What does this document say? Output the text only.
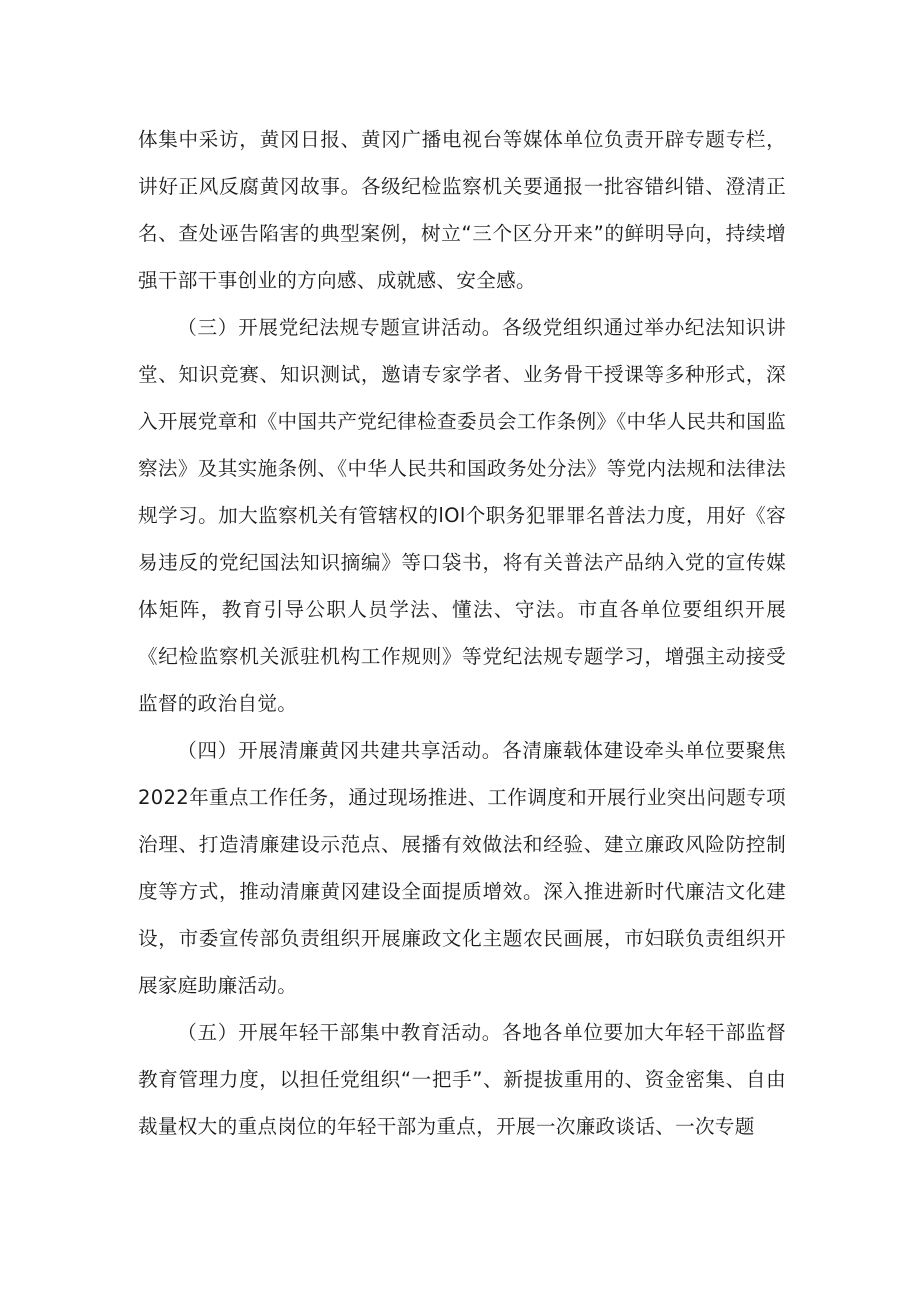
体集中采访，黄冈日报、黄冈广播电视台等媒体单位负责开辟专题专栏，讲好正风反腐黄冈故事。各级纪检监察机关要通报一批容错纠错、澄清正名、查处诬告陷害的典型案例，树立“三个区分开来”的鲜明导向，持续增强干部干事创业的方向感、成就感、安全感。

（三）开展党纪法规专题宣讲活动。各级党组织通过举办纪法知识讲堂、知识竞赛、知识测试，邀请专家学者、业务骨干授课等多种形式，深入开展党章和《中国共产党纪律检查委员会工作条例》《中华人民共和国监察法》及其实施条例、《中华人民共和国政务处分法》等党内法规和法律法规学习。加大监察机关有管辖权的lOl个职务犯罪罪名普法力度，用好《容易违反的党纪国法知识摘编》等口袋书，将有关普法产品纳入党的宣传媒体矩阵，教育引导公职人员学法、懂法、守法。市直各单位要组织开展《纪检监察机关派驻机构工作规则》等党纪法规专题学习，增强主动接受监督的政治自觉。

（四）开展清廉黄冈共建共享活动。各清廉载体建设牵头单位要聚焦2022年重点工作任务，通过现场推进、工作调度和开展行业突出问题专项治理、打造清廉建设示范点、展播有效做法和经验、建立廉政风险防控制度等方式，推动清廉黄冈建设全面提质增效。深入推进新时代廉洁文化建设，市委宣传部负责组织开展廉政文化主题农民画展，市妇联负责组织开展家庭助廉活动。

（五）开展年轻干部集中教育活动。各地各单位要加大年轻干部监督教育管理力度，以担任党组织“一把手”、新提拔重用的、资金密集、自由裁量权大的重点岗位的年轻干部为重点，开展一次廉政谈话、一次专题
